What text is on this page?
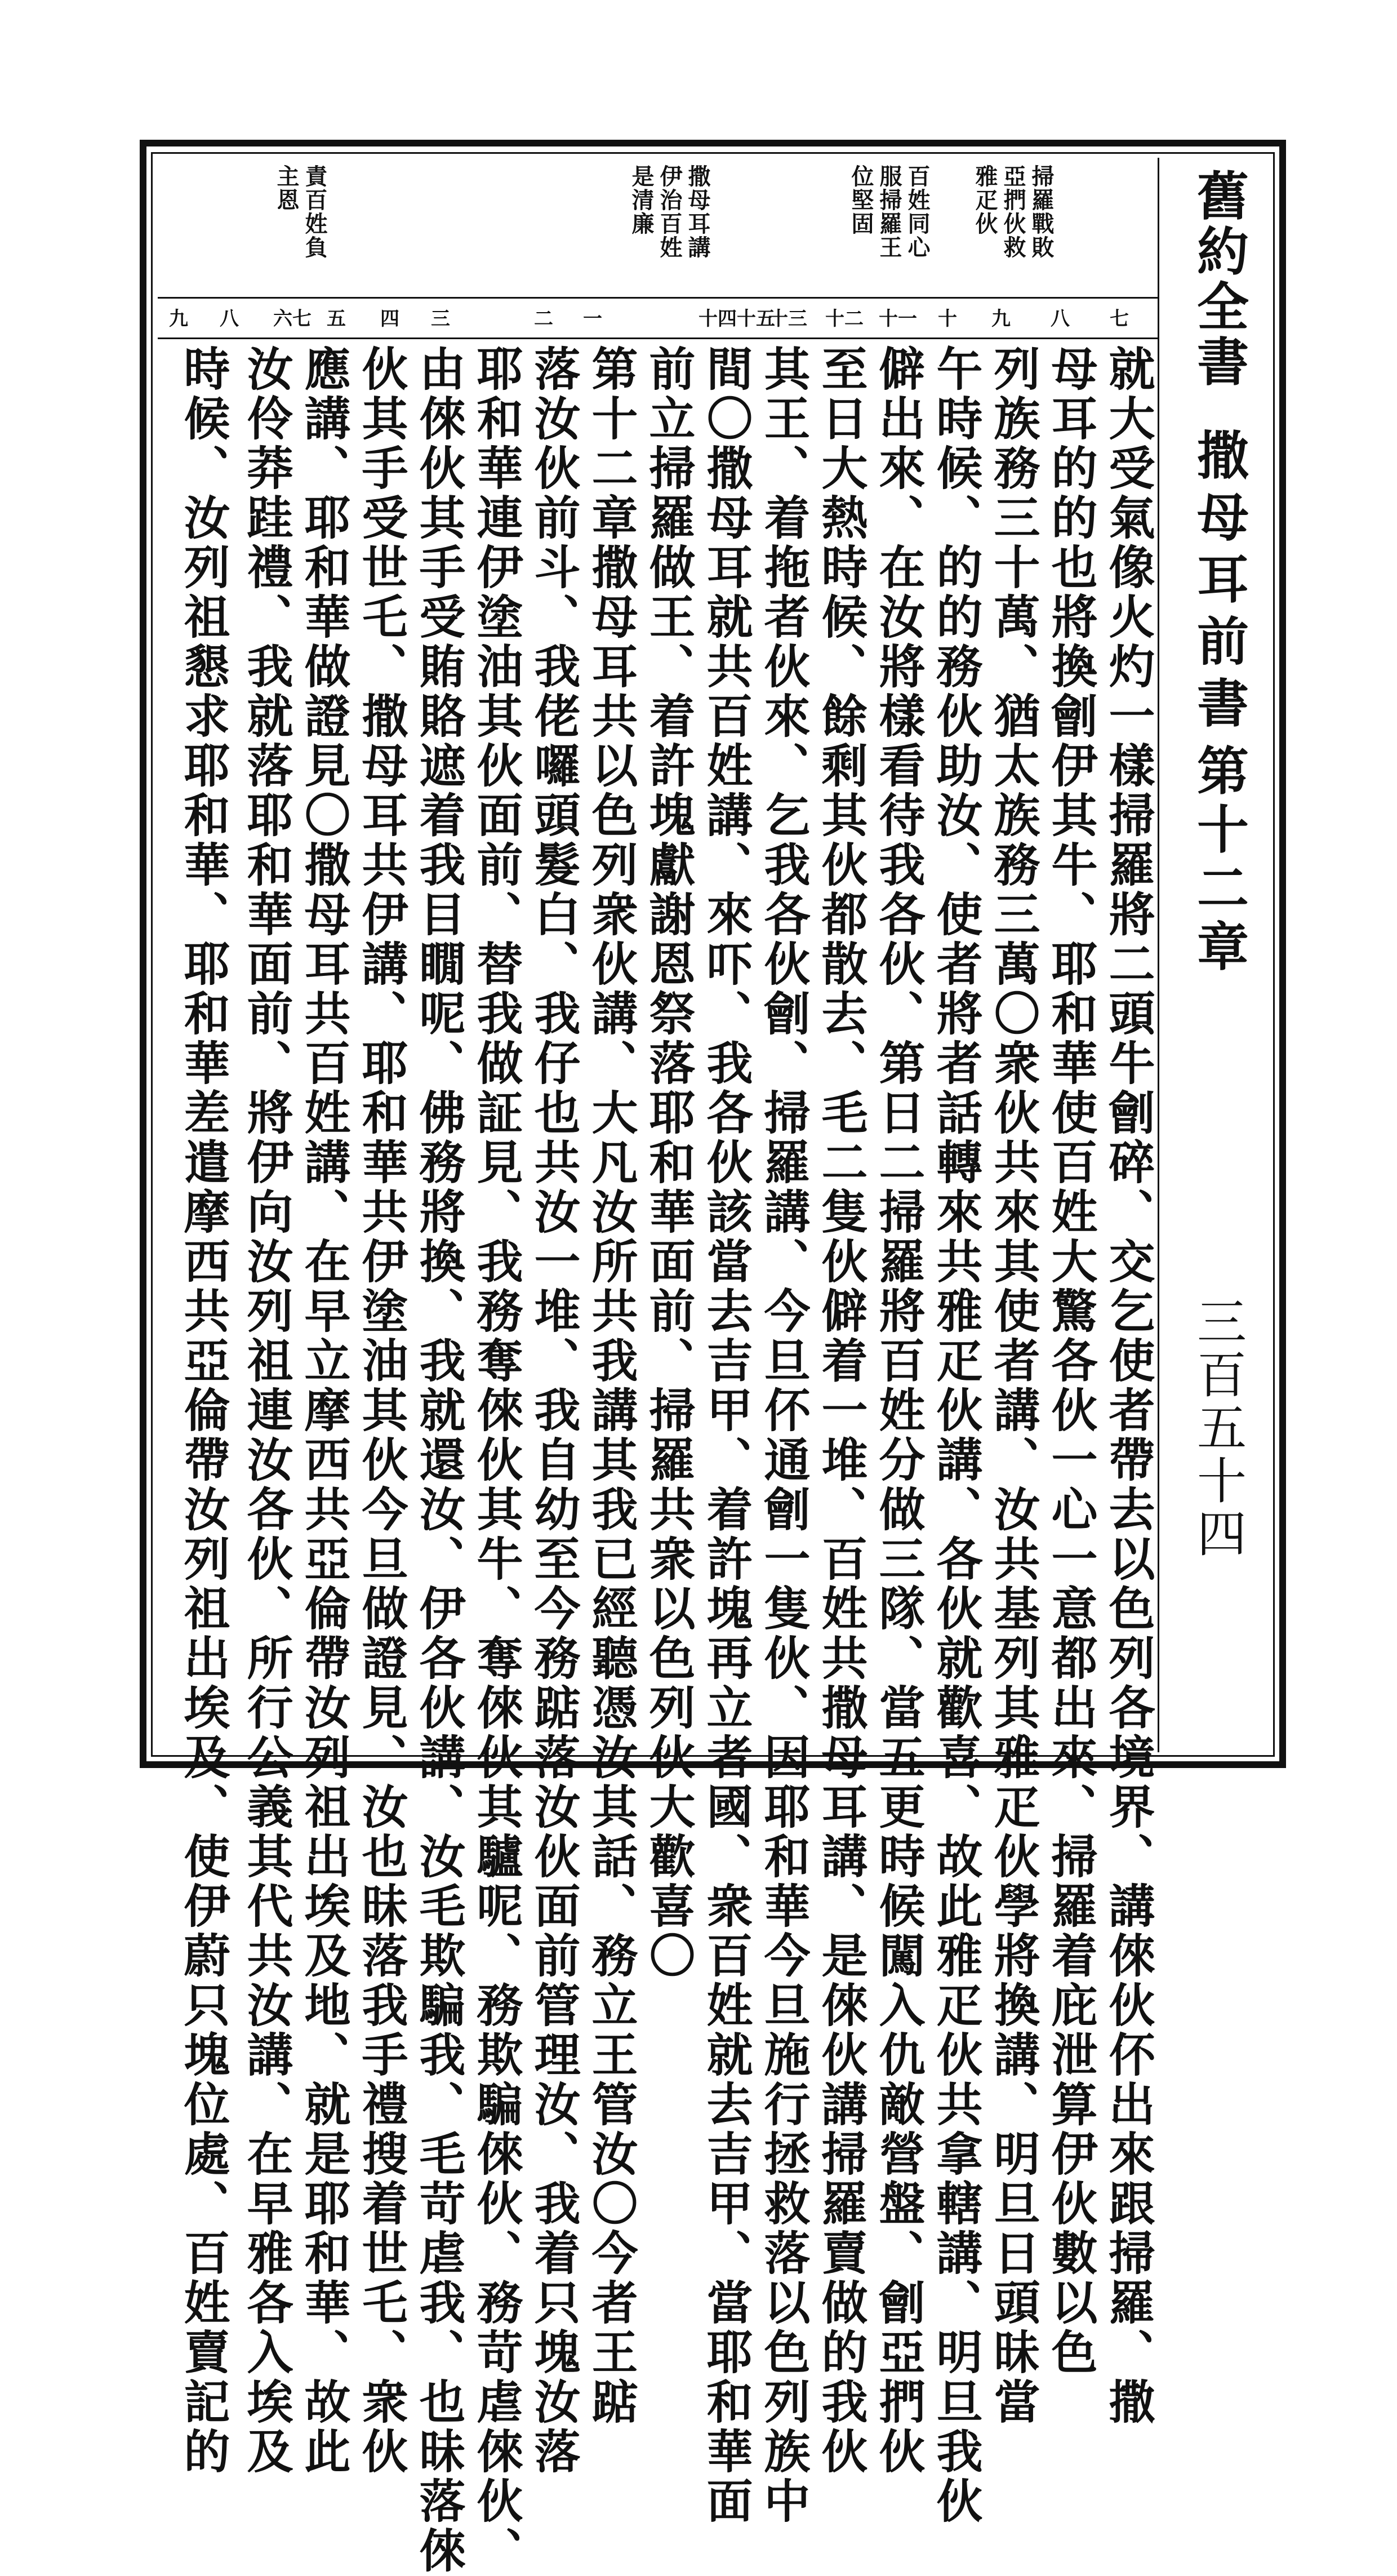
舊約全書
撒母耳前書
第十二章
三百五十四
掃羅戰敗
亞捫伙救
雅疋伙
百姓同心
服掃羅王
位堅固
撒母耳講
伊治百姓
是清廉
責百姓負
主恩
七
八
九
十
十一
十二
十三
十四十五
一
二
三
四
五
六七
八
九
就大受氣像火灼一樣掃羅將二頭牛劊碎、交乞使者帶去以色列各境界、講倈伙伓出來跟掃羅、撒
母耳的的也將換劊伊其牛、耶和華使百姓大驚各伙一心一意都出來、掃羅着庇泄算伊伙數以色
列族務三十萬、猶太族務三萬〇衆伙共來其使者講、汝共基列其雅疋伙學將換講、明旦日頭昧當
午時候、的的務伙助汝、使者將者話轉來共雅疋伙講、各伙就歡喜、故此雅疋伙共拿轄講、明旦我伙
僻出來、在汝將樣看待我各伙、第日二掃羅將百姓分做三隊、當五更時候闖入仇敵營盤、劊亞捫伙
至日大熱時候、餘剩其伙都散去、毛二隻伙僻着一堆、百姓共撒母耳講、是倈伙講掃羅賣做的我伙
其王、着拖者伙來、乞我各伙劊、掃羅講、今旦伓通劊一隻伙、因耶和華今旦施行拯救落以色列族中
間〇撒母耳就共百姓講、來吓、我各伙該當去吉甲、着許塊再立者國、衆百姓就去吉甲、當耶和華面
前立掃羅做王、着許塊獻謝恩祭落耶和華面前、掃羅共衆以色列伙大歡喜〇
第十二章撒母耳共以色列衆伙講、大凡汝所共我講其我已經聽憑汝其話、務立王管汝〇今者王踮
落汝伙前斗、我佬囉頭髮白、我仔也共汝一堆、我自幼至今務踮落汝伙面前管理汝、我着只塊汝落
耶和華連伊塗油其伙面前、替我做証見、我務奪倈伙其牛、奪倈伙其驢呢、務欺騙倈伙、務苛虐倈伙、
由倈伙其手受賄賂遮着我目瞯呢、佛務將換、我就還汝、伊各伙講、汝毛欺騙我、毛苛虐我、也昧落倈
伙其手受世乇、撒母耳共伊講、耶和華共伊塗油其伙今旦做證見、汝也昧落我手禮搜着世乇、衆伙
應講、耶和華做證見〇撒母耳共百姓講、在早立摩西共亞倫帶汝列祖出埃及地、就是耶和華、故此
汝伶莽跬禮、我就落耶和華面前、將伊向汝列祖連汝各伙、所行公義其代共汝講、在早雅各入埃及
時候、汝列祖懇求耶和華、耶和華差遣摩西共亞倫帶汝列祖出埃及、使伊蔚只塊位處、百姓賣記的
